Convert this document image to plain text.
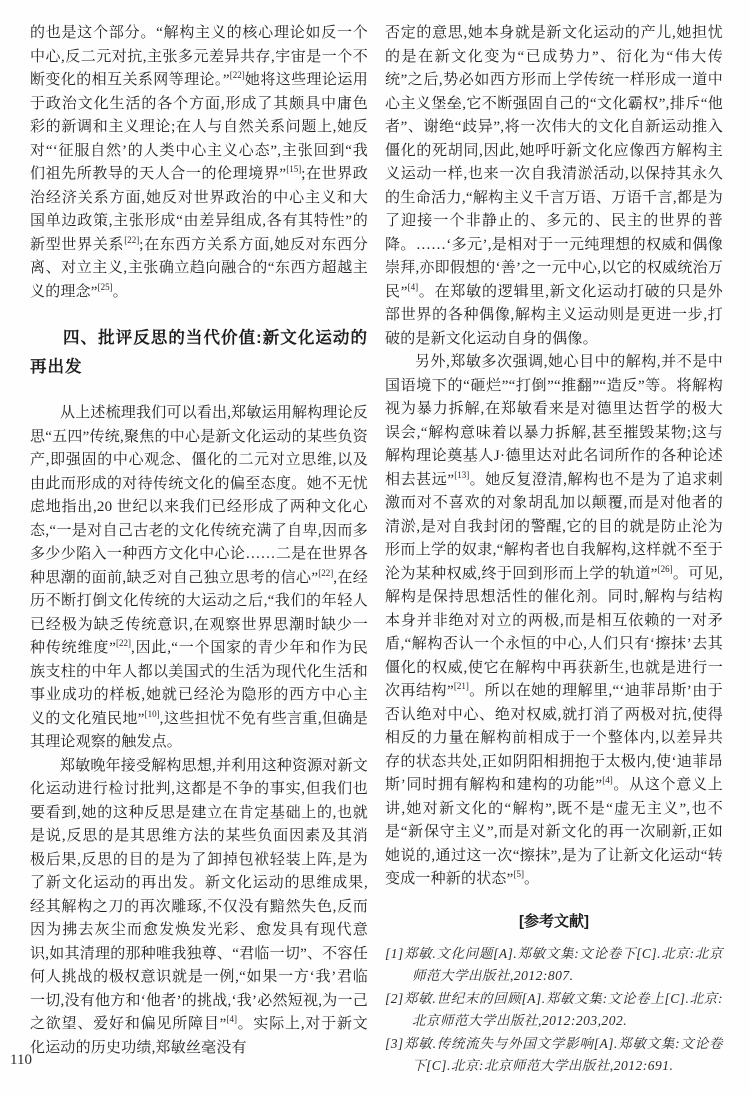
的也是这个部分。“解构主义的核心理论如反一个中心,反二元对抗,主张多元差异共存,宇宙是一个不断变化的相互关系网等理论。”[22]她将这些理论运用于政治文化生活的各个方面,形成了其颇具中庸色彩的新调和主义理论;在人与自然关系问题上,她反对“‘征服自然’的人类中心主义心态”,主张回到“我们祖先所教导的天人合一的伦理境界”[15];在世界政治经济关系方面,她反对世界政治的中心主义和大国单边政策,主张形成“由差异组成,各有其特性”的新型世界关系[22];在东西方关系方面,她反对东西分离、对立主义,主张确立趋向融合的“东西方超越主义的理念”[25]。

四、批评反思的当代价值:新文化运动的再出发

从上述梳理我们可以看出,郑敏运用解构理论反思“五四”传统,聚焦的中心是新文化运动的某些负资产,即强固的中心观念、僵化的二元对立思维,以及由此而形成的对待传统文化的偏至态度。她不无忧虑地指出,20 世纪以来我们已经形成了两种文化心态,“一是对自己古老的文化传统充满了自卑,因而多多少少陷入一种西方文化中心论……二是在世界各种思潮的面前,缺乏对自己独立思考的信心”[22],在经历不断打倒文化传统的大运动之后,“我们的年轻人已经极为缺乏传统意识,在观察世界思潮时缺少一种传统维度”[22],因此,“一个国家的青少年和作为民族支柱的中年人都以美国式的生活为现代化生活和事业成功的样板,她就已经沦为隐形的西方中心主义的文化殖民地”[10],这些担忧不免有些言重,但确是其理论观察的触发点。

郑敏晚年接受解构思想,并利用这种资源对新文化运动进行检讨批判,这都是不争的事实,但我们也要看到,她的这种反思是建立在肯定基础上的,也就是说,反思的是其思维方法的某些负面因素及其消极后果,反思的目的是为了卸掉包袱轻装上阵,是为了新文化运动的再出发。新文化运动的思维成果,经其解构之刀的再次雕琢,不仅没有黯然失色,反而因为拂去灰尘而愈发焕发光彩、愈发具有现代意识,如其清理的那种唯我独尊、“君临一切”、不容任何人挑战的极权意识就是一例,“如果一方‘我’君临一切,没有他方和‘他者’的挑战,‘我’必然短视,为一己之欲望、爱好和偏见所障目”[4]。实际上,对于新文化运动的历史功绩,郑敏丝毫没有

否定的意思,她本身就是新文化运动的产儿,她担忧的是在新文化变为“已成势力”、衍化为“伟大传统”之后,势必如西方形而上学传统一样形成一道中心主义堡垒,它不断强固自己的“文化霸权”,排斥“他者”、谢绝“歧异”,将一次伟大的文化自新运动推入僵化的死胡同,因此,她呼吁新文化应像西方解构主义运动一样,也来一次自我清淤活动,以保持其永久的生命活力,“解构主义千言万语、万语千言,都是为了迎接一个非静止的、多元的、民主的世界的普降。……‘多元’,是相对于一元纯理想的权威和偶像崇拜,亦即假想的‘善’之一元中心,以它的权威统治万民”[4]。在郑敏的逻辑里,新文化运动打破的只是外部世界的各种偶像,解构主义运动则是更进一步,打破的是新文化运动自身的偶像。

另外,郑敏多次强调,她心目中的解构,并不是中国语境下的“砸烂”“打倒”“推翻”“造反”等。将解构视为暴力拆解,在郑敏看来是对德里达哲学的极大误会,“解构意味着以暴力拆解,甚至摧毁某物;这与解构理论奠基人J·德里达对此名词所作的各种论述相去甚远”[13]。她反复澄清,解构也不是为了追求刺激而对不喜欢的对象胡乱加以颠覆,而是对他者的清淤,是对自我封闭的警醒,它的目的就是防止沦为形而上学的奴隶,“解构者也自我解构,这样就不至于沦为某种权威,终于回到形而上学的轨道”[26]。可见,解构是保持思想活性的催化剂。同时,解构与结构本身并非绝对对立的两极,而是相互依赖的一对矛盾,“解构否认一个永恒的中心,人们只有‘擦抹’去其僵化的权威,使它在解构中再获新生,也就是进行一次再结构”[21]。所以在她的理解里,“‘迪菲昂斯’由于否认绝对中心、绝对权威,就打消了两极对抗,使得相反的力量在解构前相成于一个整体内,以差异共存的状态共处,正如阴阳相拥抱于太极内,使‘迪菲昂斯’同时拥有解构和建构的功能”[4]。从这个意义上讲,她对新文化的“解构”,既不是“虚无主义”,也不是“新保守主义”,而是对新文化的再一次刷新,正如她说的,通过这一次“擦抹”,是为了让新文化运动“转变成一种新的状态”[5]。

[参考文献]

[1]郑敏.文化问题[A].郑敏文集:文论卷下[C].北京:北京师范大学出版社,2012:807.

[2]郑敏.世纪末的回顾[A].郑敏文集:文论卷上[C].北京:北京师范大学出版社,2012:203,202.

[3]郑敏.传统流失与外国文学影响[A].郑敏文集:文论卷下[C].北京:北京师范大学出版社,2012:691.

110
